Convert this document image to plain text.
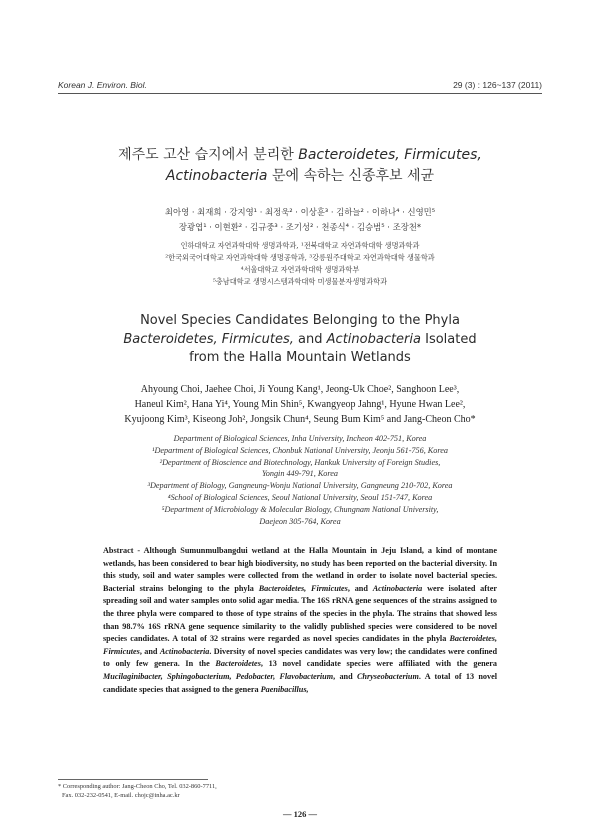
Korean J. Environ. Biol.	29 (3) : 126~137 (2011)
제주도 고산 습지에서 분리한 Bacteroidetes, Firmicutes,
Actinobacteria 문에 속하는 신종후보 세균
최아영 · 최재희 · 강지영¹ · 최정욱² · 이상훈³ · 김하늘² · 이하나⁴ · 신영민⁵
장광엽¹ · 이현환² · 김규중³ · 조기성² · 천종식⁴ · 김승범⁵ · 조장천*
인하대학교 자연과학대학 생명과학과, ¹전북대학교 자연과학대학 생명과학과
²한국외국어대학교 자연과학대학 생명공학과, ³강릉원주대학교 자연과학대학 생물학과
⁴서울대학교 자연과학대학 생명과학부
⁵충남대학교 생명시스템과학대학 미생물분자생명과학과
Novel Species Candidates Belonging to the Phyla
Bacteroidetes, Firmicutes, and Actinobacteria Isolated
from the Halla Mountain Wetlands
Ahyoung Choi, Jaehee Choi, Ji Young Kang¹, Jeong-Uk Choe², Sanghoon Lee³,
Haneul Kim², Hana Yi⁴, Young Min Shin⁵, Kwangyeop Jahng¹, Hyune Hwan Lee²,
Kyujoong Kim³, Kiseong Joh², Jongsik Chun⁴, Seung Bum Kim⁵ and Jang-Cheon Cho*
Department of Biological Sciences, Inha University, Incheon 402-751, Korea
¹Department of Biological Sciences, Chonbuk National University, Jeonju 561-756, Korea
²Department of Bioscience and Biotechnology, Hankuk University of Foreign Studies,
Yongin 449-791, Korea
³Department of Biology, Gangneung-Wonju National University, Gangneung 210-702, Korea
⁴School of Biological Sciences, Seoul National University, Seoul 151-747, Korea
⁵Department of Microbiology & Molecular Biology, Chungnam National University,
Daejeon 305-764, Korea
Abstract - Although Sumunmulbangdui wetland at the Halla Mountain in Jeju Island, a kind of montane wetlands, has been considered to bear high biodiversity, no study has been reported on the bacterial diversity. In this study, soil and water samples were collected from the wetland in order to isolate novel bacterial species. Bacterial strains belonging to the phyla Bacteroidetes, Firmicutes, and Actinobacteria were isolated after spreading soil and water samples onto solid agar media. The 16S rRNA gene sequences of the strains assigned to the three phyla were compared to those of type strains of the species in the phyla. The strains that showed less than 98.7% 16S rRNA gene sequence similarity to the validly published species were considered to be novel species candidates. A total of 32 strains were regarded as novel species candidates in the phyla Bacteroidetes, Firmicutes, and Actinobacteria. Diversity of novel species candidates was very low; the candidates were confined to only few genera. In the Bacteroidetes, 13 novel candidate species were affiliated with the genera Mucilaginibacter, Sphingobacterium, Pedobacter, Flavobacterium, and Chryseobacterium. A total of 13 novel candidate species that assigned to the genera Paenibacillus,
* Corresponding author: Jang-Cheon Cho, Tel. 032-860-7711,
Fax. 032-232-0541, E-mail. chojc@inha.ac.kr
— 126 —
